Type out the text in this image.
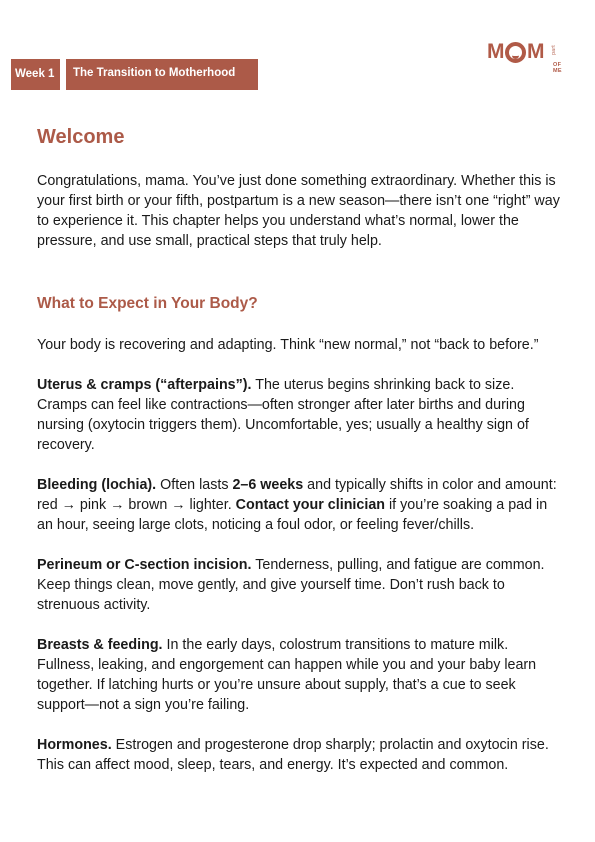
M M part
OF ME
Week 1	The Transition to Motherhood
Welcome

Congratulations, mama. You’ve just done something extraordinary. Whether this is your first birth or your fifth, postpartum is a new season—there isn’t one “right” way to experience it. This chapter helps you understand what’s normal, lower the pressure, and use small, practical steps that truly help.

What to Expect in Your Body?

Your body is recovering and adapting. Think “new normal,” not “back to before.”

Uterus & cramps (“afterpains”). The uterus begins shrinking back to size. Cramps can feel like contractions—often stronger after later births and during nursing (oxytocin triggers them). Uncomfortable, yes; usually a healthy sign of recovery.

Bleeding (lochia). Often lasts 2–6 weeks and typically shifts in color and amount: red → pink → brown → lighter. Contact your clinician if you’re soaking a pad in an hour, seeing large clots, noticing a foul odor, or feeling fever/chills.

Perineum or C-section incision. Tenderness, pulling, and fatigue are common. Keep things clean, move gently, and give yourself time. Don’t rush back to strenuous activity.

Breasts & feeding. In the early days, colostrum transitions to mature milk. Fullness, leaking, and engorgement can happen while you and your baby learn together. If latching hurts or you’re unsure about supply, that’s a cue to seek support—not a sign you’re failing.

Hormones. Estrogen and progesterone drop sharply; prolactin and oxytocin rise. This can affect mood, sleep, tears, and energy. It’s expected and common.
